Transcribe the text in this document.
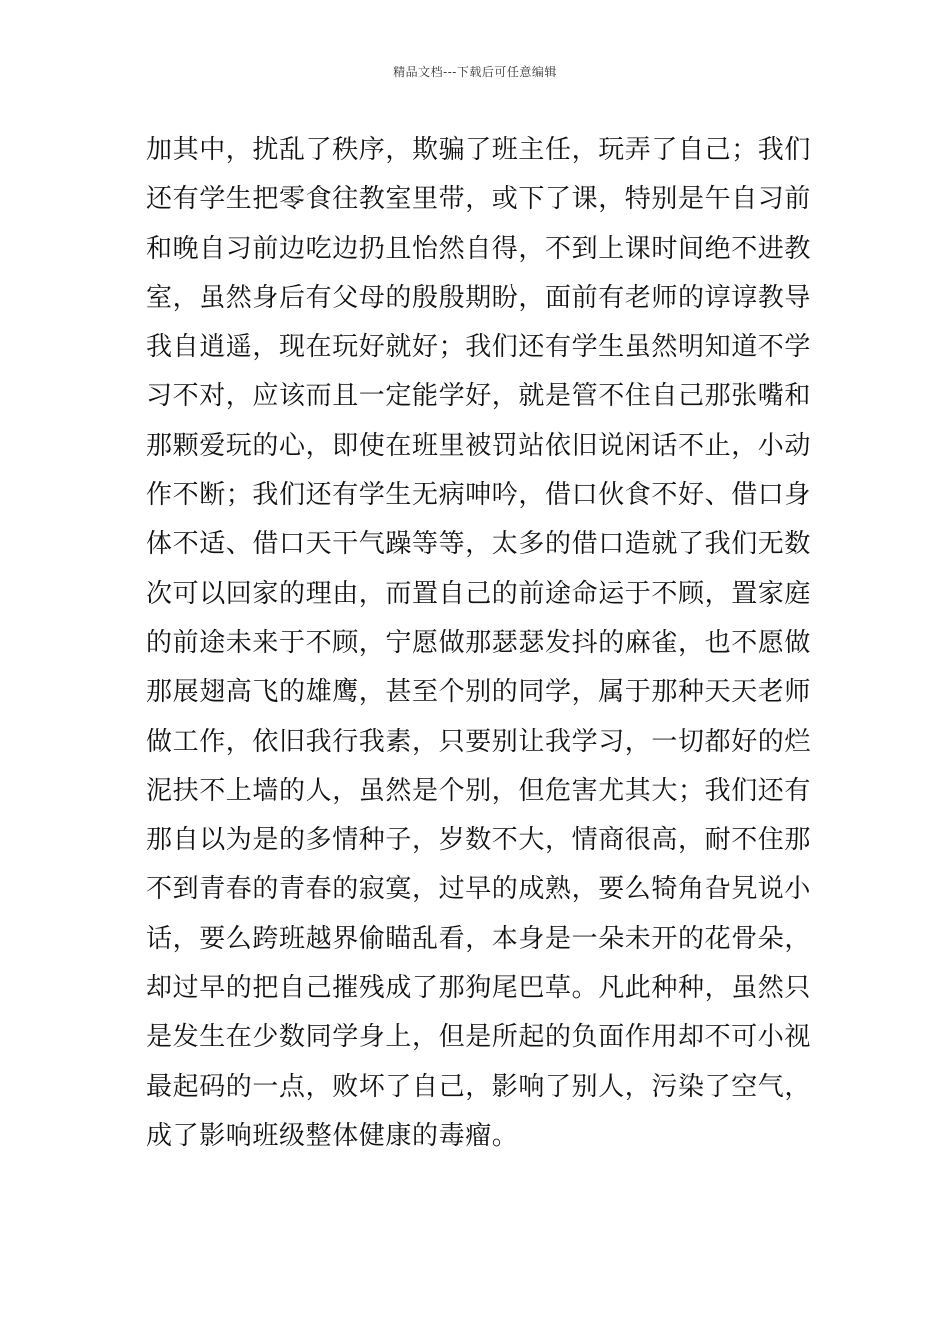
精品文档---下载后可任意编辑
加其中，扰乱了秩序，欺骗了班主任，玩弄了自己；我们
还有学生把零食往教室里带，或下了课，特别是午自习前
和晚自习前边吃边扔且怡然自得，不到上课时间绝不进教
室，虽然身后有父母的殷殷期盼，面前有老师的谆谆教导
我自逍遥，现在玩好就好；我们还有学生虽然明知道不学
习不对，应该而且一定能学好，就是管不住自己那张嘴和
那颗爱玩的心，即使在班里被罚站依旧说闲话不止，小动
作不断；我们还有学生无病呻吟，借口伙食不好、借口身
体不适、借口天干气躁等等，太多的借口造就了我们无数
次可以回家的理由，而置自己的前途命运于不顾，置家庭
的前途未来于不顾，宁愿做那瑟瑟发抖的麻雀，也不愿做
那展翅高飞的雄鹰，甚至个别的同学，属于那种天天老师
做工作，依旧我行我素，只要别让我学习，一切都好的烂
泥扶不上墙的人，虽然是个别，但危害尤其大；我们还有
那自以为是的多情种子，岁数不大，情商很高，耐不住那
不到青春的青春的寂寞，过早的成熟，要么犄角旮旯说小
话，要么跨班越界偷瞄乱看，本身是一朵未开的花骨朵，
却过早的把自己摧残成了那狗尾巴草。凡此种种，虽然只
是发生在少数同学身上，但是所起的负面作用却不可小视
最起码的一点，败坏了自己，影响了别人，污染了空气，
成了影响班级整体健康的毒瘤。
